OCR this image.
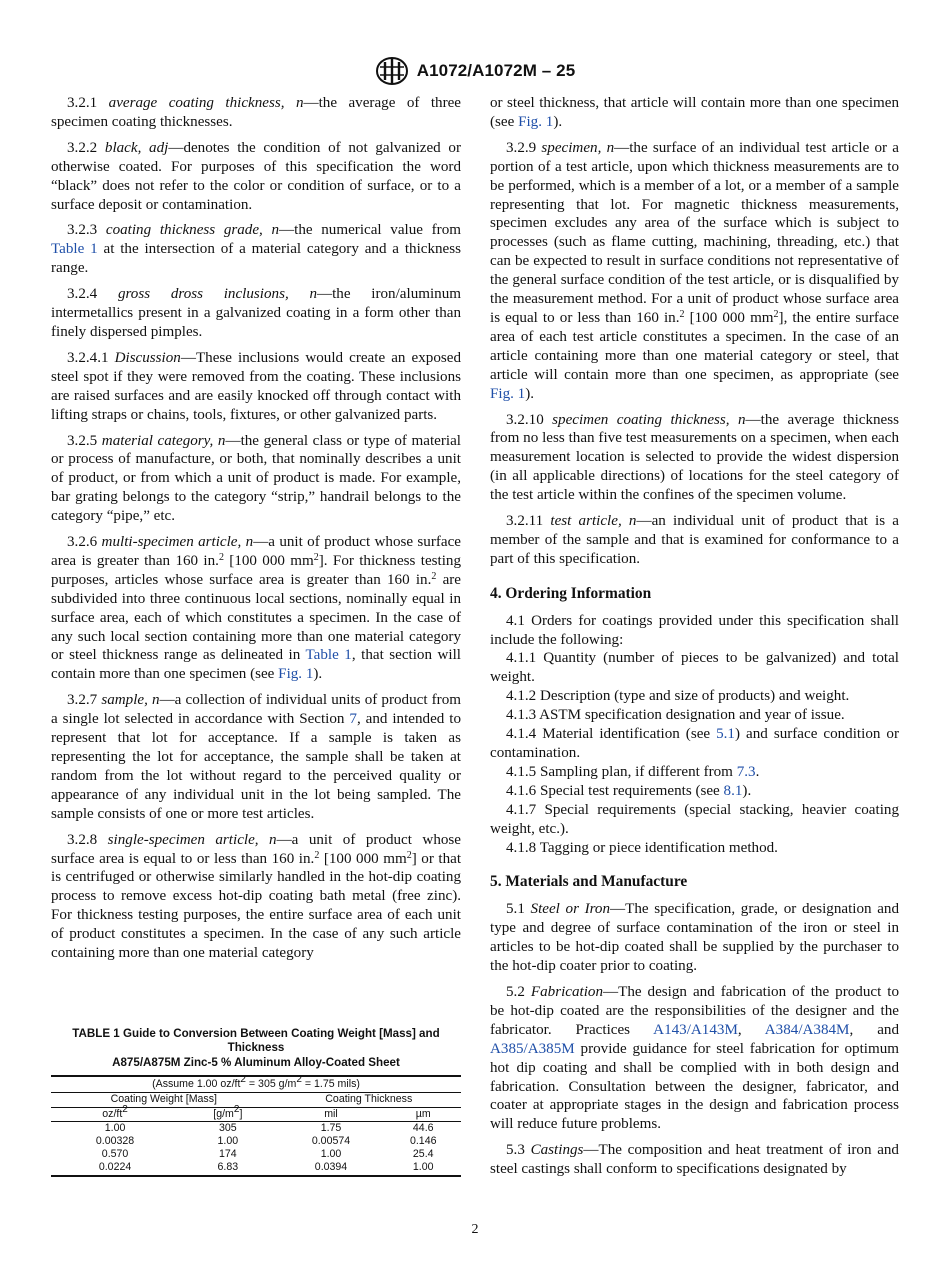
A1072/A1072M – 25

3.2.1 average coating thickness, n—the average of three specimen coating thicknesses.

3.2.2 black, adj—denotes the condition of not galvanized or otherwise coated. For purposes of this specification the word “black” does not refer to the color or condition of surface, or to a surface deposit or contamination.

3.2.3 coating thickness grade, n—the numerical value from Table 1 at the intersection of a material category and a thickness range.

3.2.4 gross dross inclusions, n—the iron/aluminum intermetallics present in a galvanized coating in a form other than finely dispersed pimples.

3.2.4.1 Discussion—These inclusions would create an exposed steel spot if they were removed from the coating. These inclusions are raised surfaces and are easily knocked off through contact with lifting straps or chains, tools, fixtures, or other galvanized parts.

3.2.5 material category, n—the general class or type of material or process of manufacture, or both, that nominally describes a unit of product, or from which a unit of product is made. For example, bar grating belongs to the category “strip,” handrail belongs to the category “pipe,” etc.

3.2.6 multi-specimen article, n—a unit of product whose surface area is greater than 160 in.$^2$ [100 000 $mm^2$]. For thickness testing purposes, articles whose surface area is greater than 160 in.$^2$ are subdivided into three continuous local sections, nominally equal in surface area, each of which constitutes a specimen. In the case of any such local section containing more than one material category or steel thickness range as delineated in Table 1, that section will contain more than one specimen (see Fig. 1).

3.2.7 sample, n—a collection of individual units of product from a single lot selected in accordance with Section 7, and intended to represent that lot for acceptance. If a sample is taken as representing the lot for acceptance, the sample shall be taken at random from the lot without regard to the perceived quality or appearance of any individual unit in the lot being sampled. The sample consists of one or more test articles.

3.2.8 single-specimen article, n—a unit of product whose surface area is equal to or less than 160 in.$^2$ [100 000 $mm^2$] or that is centrifuged or otherwise similarly handled in the hot-dip coating process to remove excess hot-dip coating bath metal (free zinc). For thickness testing purposes, the entire surface area of each unit of product constitutes a specimen. In the case of any such article containing more than one material category

TABLE 1 Guide to Conversion Between Coating Weight [Mass] and Thickness
A875/A875M Zinc-5 % Aluminum Alloy-Coated Sheet
(Assume 1.00 $oz/ft^2 = 305$ $g/m^2 = 1.75$ mils)			
Coating Weight [Mass]		Coating Thickness	
$oz/ft^2$	$[g/m^2]$	mil	µm
1.00	305	1.75	44.6
0.00328	1.00	0.00574	0.146
0.570	174	1.00	25.4
0.0224	6.83	0.0394	1.00

or steel thickness, that article will contain more than one specimen (see Fig. 1).

3.2.9 specimen, n—the surface of an individual test article or a portion of a test article, upon which thickness measurements are to be performed, which is a member of a lot, or a member of a sample representing that lot. For magnetic thickness measurements, specimen excludes any area of the surface which is subject to processes (such as flame cutting, machining, threading, etc.) that can be expected to result in surface conditions not representative of the general surface condition of the test article, or is disqualified by the measurement method. For a unit of product whose surface area is equal to or less than 160 in.$^2$ [100 000 $mm^2$], the entire surface area of each test article constitutes a specimen. In the case of an article containing more than one material category or steel, that article will contain more than one specimen, as appropriate (see Fig. 1).

3.2.10 specimen coating thickness, n—the average thickness from no less than five test measurements on a specimen, when each measurement location is selected to provide the widest dispersion (in all applicable directions) of locations for the steel category of the test article within the confines of the specimen volume.

3.2.11 test article, n—an individual unit of product that is a member of the sample and that is examined for conformance to a part of this specification.

4. Ordering Information

4.1 Orders for coatings provided under this specification shall include the following:

4.1.1 Quantity (number of pieces to be galvanized) and total weight.

4.1.2 Description (type and size of products) and weight.

4.1.3 ASTM specification designation and year of issue.

4.1.4 Material identification (see 5.1) and surface condition or contamination.

4.1.5 Sampling plan, if different from 7.3.

4.1.6 Special test requirements (see 8.1).

4.1.7 Special requirements (special stacking, heavier coating weight, etc.).

4.1.8 Tagging or piece identification method.

5. Materials and Manufacture

5.1 Steel or Iron—The specification, grade, or designation and type and degree of surface contamination of the iron or steel in articles to be hot-dip coated shall be supplied by the purchaser to the hot-dip coater prior to coating.

5.2 Fabrication—The design and fabrication of the product to be hot-dip coated are the responsibilities of the designer and the fabricator. Practices A143/A143M, A384/A384M, and A385/A385M provide guidance for steel fabrication for optimum hot dip coating and shall be complied with in both design and fabrication. Consultation between the designer, fabricator, and coater at appropriate stages in the design and fabrication process will reduce future problems.

5.3 Castings—The composition and heat treatment of iron and steel castings shall conform to specifications designated by

2
